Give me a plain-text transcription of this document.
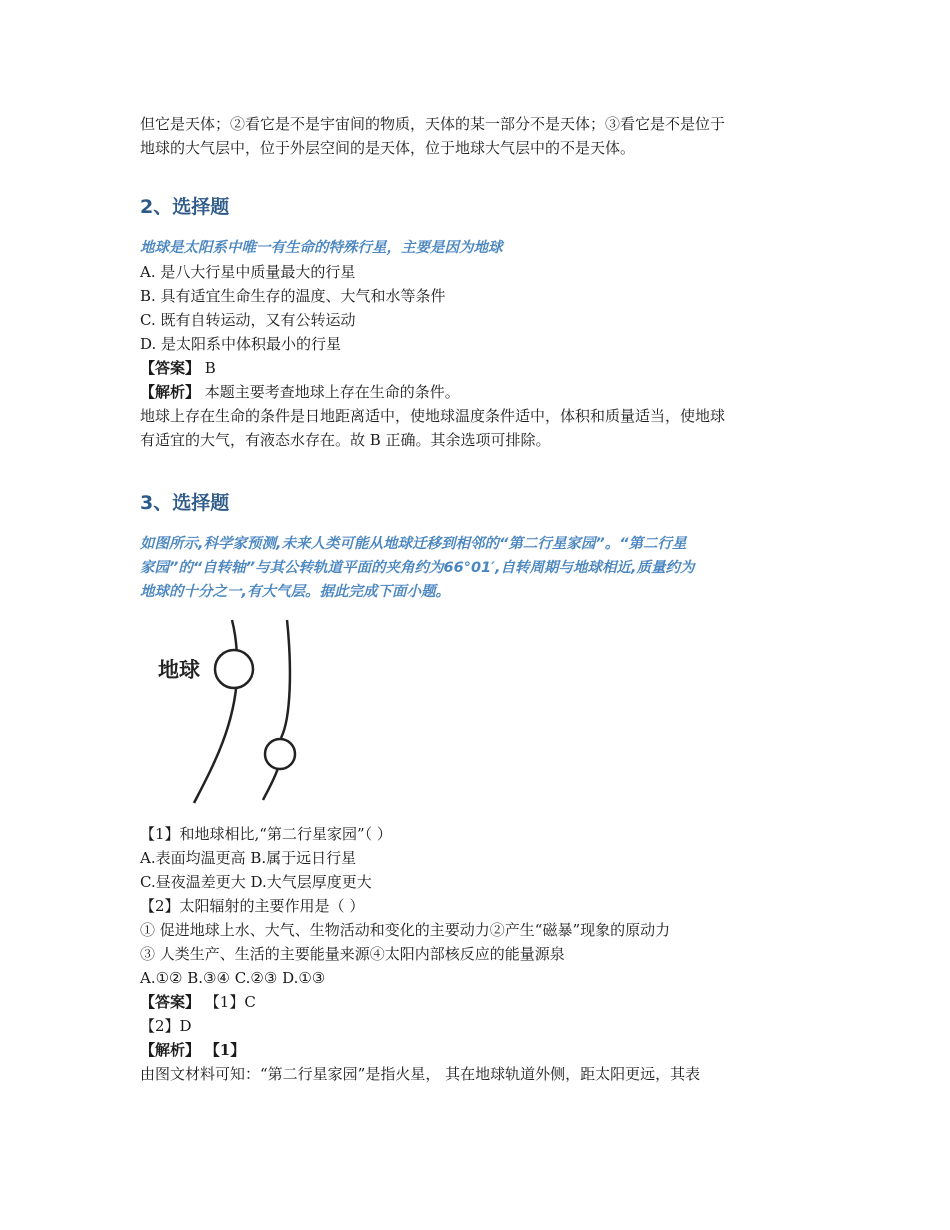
但它是天体；②看它是不是宇宙间的物质，天体的某一部分不是天体；③看它是不是位于
地球的大气层中，位于外层空间的是天体，位于地球大气层中的不是天体。
2、选择题
地球是太阳系中唯一有生命的特殊行星，主要是因为地球
A. 是八大行星中质量最大的行星
B. 具有适宜生命生存的温度、大气和水等条件
C. 既有自转运动，又有公转运动
D. 是太阳系中体积最小的行星
【答案】 B
【解析】 本题主要考查地球上存在生命的条件。
地球上存在生命的条件是日地距离适中，使地球温度条件适中，体积和质量适当，使地球
有适宜的大气，有液态水存在。故 B 正确。其余选项可排除。
3、选择题
如图所示,科学家预测,未来人类可能从地球迁移到相邻的“第二行星家园”。“第二行星
家园”的“自转轴”与其公转轨道平面的夹角约为66°01′,自转周期与地球相近,质量约为
地球的十分之一,有大气层。据此完成下面小题。
地球
【1】和地球相比,“第二行星家园”（ ）
A.表面均温更高 B.属于远日行星
C.昼夜温差更大 D.大气层厚度更大
【2】太阳辐射的主要作用是（ ）
① 促进地球上水、大气、生物活动和变化的主要动力②产生“磁暴”现象的原动力
③ 人类生产、生活的主要能量来源④太阳内部核反应的能量源泉
A.①② B.③④ C.②③ D.①③
【答案】 【1】C
【2】D
【解析】 【1】
由图文材料可知：“第二行星家园”是指火星， 其在地球轨道外侧，距太阳更远，其表
